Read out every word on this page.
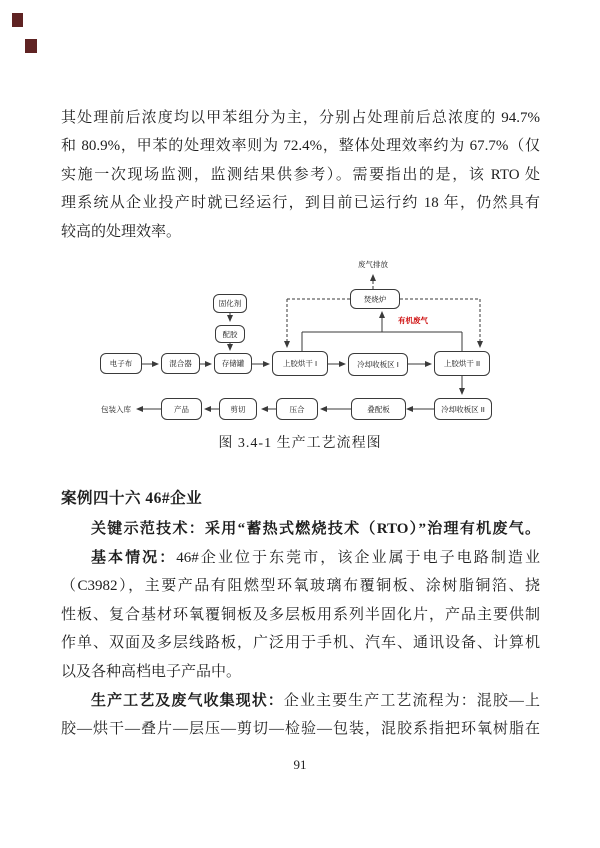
其处理前后浓度均以甲苯组分为主，分别占处理前后总浓度的 94.7%
和 80.9%，甲苯的处理效率则为 72.4%，整体处理效率约为 67.7%（仅
实施一次现场监测，监测结果供参考）。需要指出的是，该 RTO 处
理系统从企业投产时就已经运行，到目前已运行约 18 年，仍然具有
较高的处理效率。
废气排放
焚烧炉
有机废气
固化剂
配胶
电子布	混合器	存储罐	上胶烘干 I	冷却收板区 I	上胶烘干 II
冷却收板区 II
叠配板
压合
剪切
产品
包装入库
图 3.4-1 生产工艺流程图
案例四十六 46#企业
关键示范技术：采用“蓄热式燃烧技术（RTO）”治理有机废气。
基本情况：46#企业位于东莞市，该企业属于电子电路制造业
（C3982），主要产品有阻燃型环氧玻璃布覆铜板、涂树脂铜箔、挠
性板、复合基材环氧覆铜板及多层板用系列半固化片，产品主要供制
作单、双面及多层线路板，广泛用于手机、汽车、通讯设备、计算机
以及各种高档电子产品中。
生产工艺及废气收集现状：企业主要生产工艺流程为：混胶—上
胶—烘干—叠片—层压—剪切—检验—包装，混胶系指把环氧树脂在
91
